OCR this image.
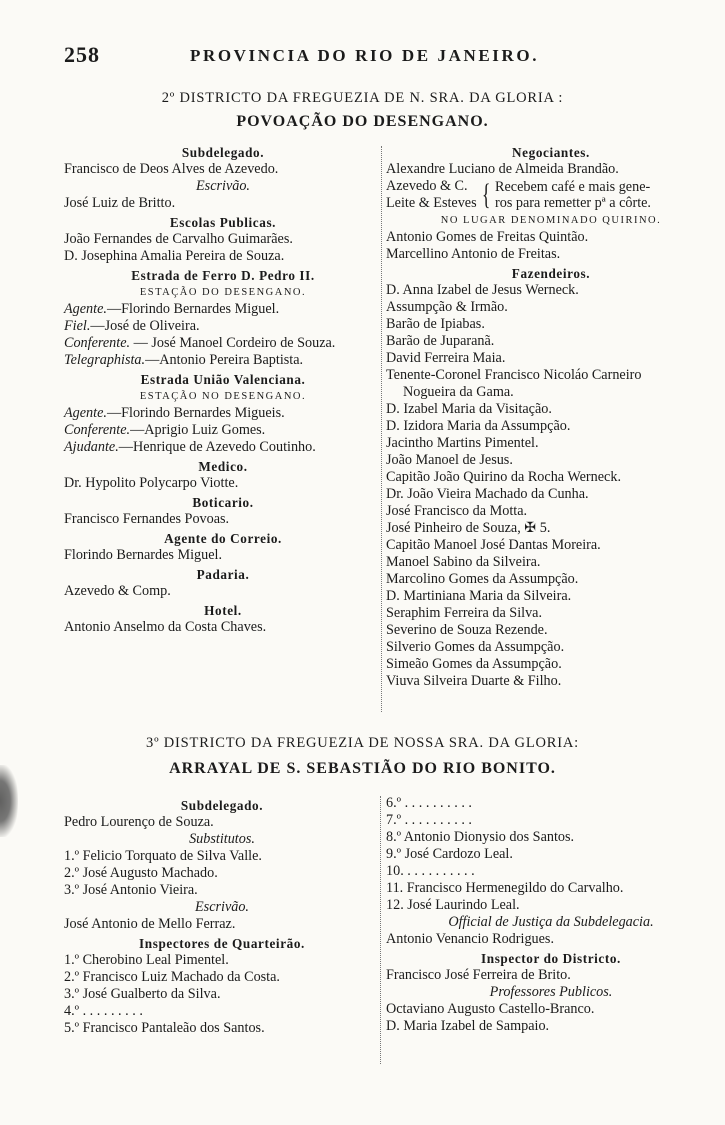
258	PROVINCIA DO RIO DE JANEIRO.
2º DISTRICTO DA FREGUEZIA DE N. SRA. DA GLORIA :
POVOAÇÃO DO DESENGANO.
Subdelegado.
Francisco de Deos Alves de Azevedo.
Escrivão.
José Luiz de Britto.
Escolas Publicas.
João Fernandes de Carvalho Guimarães.
D. Josephina Amalia Pereira de Souza.
Estrada de Ferro D. Pedro II.
ESTAÇÃO DO DESENGANO.
Agente.—Florindo Bernardes Miguel.
Fiel.—José de Oliveira.
Conferente. — José Manoel Cordeiro de Souza.
Telegraphista.—Antonio Pereira Baptista.
Estrada União Valenciana.
ESTAÇÃO NO DESENGANO.
Agente.—Florindo Bernardes Migueis.
Conferente.—Aprigio Luiz Gomes.
Ajudante.—Henrique de Azevedo Coutinho.
Medico.
Dr. Hypolito Polycarpo Viotte.
Boticario.
Francisco Fernandes Povoas.
Agente do Correio.
Florindo Bernardes Miguel.
Padaria.
Azevedo & Comp.
Hotel.
Antonio Anselmo da Costa Chaves.
Negociantes.
Alexandre Luciano de Almeida Brandão.
Azevedo & C.
Leite & Esteves { Recebem café e mais gene-
ros para remetter pª a côrte.
NO LUGAR DENOMINADO QUIRINO.
Antonio Gomes de Freitas Quintão.
Marcellino Antonio de Freitas.
Fazendeiros.
D. Anna Izabel de Jesus Werneck.
Assumpção & Irmão.
Barão de Ipiabas.
Barão de Juparanã.
David Ferreira Maia.
Tenente-Coronel Francisco Nicoláo Carneiro
Nogueira da Gama.
D. Izabel Maria da Visitação.
D. Izidora Maria da Assumpção.
Jacintho Martins Pimentel.
João Manoel de Jesus.
Capitão João Quirino da Rocha Werneck.
Dr. João Vieira Machado da Cunha.
José Francisco da Motta.
José Pinheiro de Souza, ✠ 5.
Capitão Manoel José Dantas Moreira.
Manoel Sabino da Silveira.
Marcolino Gomes da Assumpção.
D. Martiniana Maria da Silveira.
Seraphim Ferreira da Silva.
Severino de Souza Rezende.
Silverio Gomes da Assumpção.
Simeão Gomes da Assumpção.
Viuva Silveira Duarte & Filho.
3º DISTRICTO DA FREGUEZIA DE NOSSA SRA. DA GLORIA:
ARRAYAL DE S. SEBASTIÃO DO RIO BONITO.
Subdelegado.
Pedro Lourenço de Souza.
Substitutos.
1.º Felicio Torquato de Silva Valle.
2.º José Augusto Machado.
3.º José Antonio Vieira.
Escrivão.
José Antonio de Mello Ferraz.
Inspectores de Quarteirão.
1.º Cherobino Leal Pimentel.
2.º Francisco Luiz Machado da Costa.
3.º José Gualberto da Silva.
4.º . . . . . . . . .
5.º Francisco Pantaleão dos Santos.
6.º . . . . . . . . . .
7.º . . . . . . . . . .
8.º Antonio Dionysio dos Santos.
9.º José Cardozo Leal.
10. . . . . . . . . . .
11. Francisco Hermenegildo do Carvalho.
12. José Laurindo Leal.
Official de Justiça da Subdelegacia.
Antonio Venancio Rodrigues.
Inspector do Districto.
Francisco José Ferreira de Brito.
Professores Publicos.
Octaviano Augusto Castello-Branco.
D. Maria Izabel de Sampaio.
